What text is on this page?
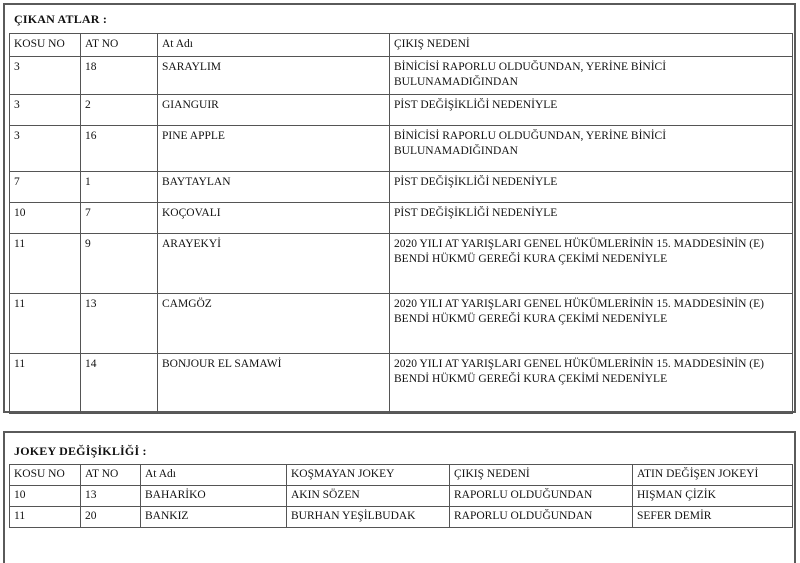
ÇIKAN ATLAR :
KOSU NO	AT NO	At Adı	ÇIKIŞ NEDENİ
3	18	SARAYLIM	BİNİCİSİ RAPORLU OLDUĞUNDAN, YERİNE BİNİCİ BULUNAMADIĞINDAN
3	2	GIANGUIR	PİST DEĞİŞİKLİĞİ NEDENİYLE
3	16	PINE APPLE	BİNİCİSİ RAPORLU OLDUĞUNDAN, YERİNE BİNİCİ BULUNAMADIĞINDAN
7	1	BAYTAYLAN	PİST DEĞİŞİKLİĞİ NEDENİYLE
10	7	KOÇOVALI	PİST DEĞİŞİKLİĞİ NEDENİYLE
11	9	ARAYEKYİ	2020 YILI AT YARIŞLARI GENEL HÜKÜMLERİNİN 15. MADDESİNİN (E) BENDİ HÜKMÜ GEREĞİ KURA ÇEKİMİ NEDENİYLE
11	13	CAMGÖZ	2020 YILI AT YARIŞLARI GENEL HÜKÜMLERİNİN 15. MADDESİNİN (E) BENDİ HÜKMÜ GEREĞİ KURA ÇEKİMİ NEDENİYLE
11	14	BONJOUR EL SAMAWİ	2020 YILI AT YARIŞLARI GENEL HÜKÜMLERİNİN 15. MADDESİNİN (E) BENDİ HÜKMÜ GEREĞİ KURA ÇEKİMİ NEDENİYLE
JOKEY DEĞİŞİKLİĞİ :
KOSU NO	AT NO	At Adı	KOŞMAYAN JOKEY	ÇIKIŞ NEDENİ	ATIN DEĞİŞEN JOKEYİ
10	13	BAHARİKO	AKIN SÖZEN	RAPORLU OLDUĞUNDAN	HIŞMAN ÇİZİK
11	20	BANKIZ	BURHAN YEŞİLBUDAK	RAPORLU OLDUĞUNDAN	SEFER DEMİR
